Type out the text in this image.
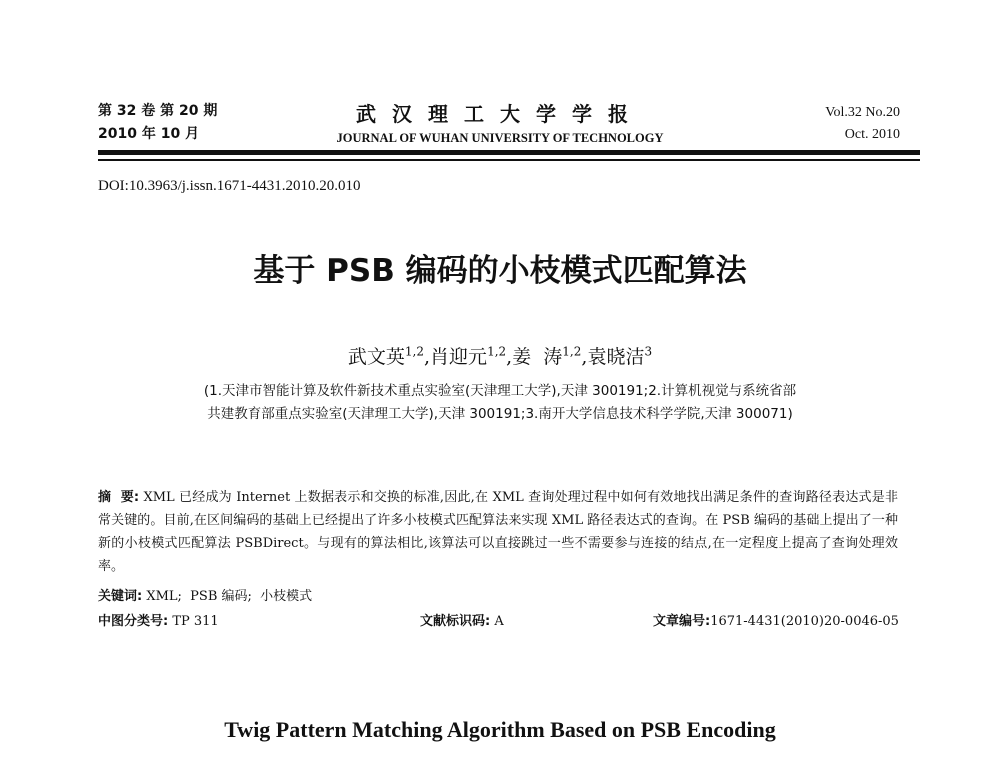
第 32 卷 第 20 期
2010 年 10 月
武汉理工大学学报
JOURNAL OF WUHAN UNIVERSITY OF TECHNOLOGY
Vol.32 No.20
Oct. 2010
DOI:10.3963/j.issn.1671-4431.2010.20.010
基于 PSB 编码的小枝模式匹配算法
武文英$^{1,2}$,肖迎元$^{1,2}$,姜  涛$^{1,2}$,袁晓洁$^3$
(1.天津市智能计算及软件新技术重点实验室(天津理工大学),天津 300191;2.计算机视觉与系统省部
共建教育部重点实验室(天津理工大学),天津 300191;3.南开大学信息技术科学学院,天津 300071)
摘  要: XML 已经成为 Internet 上数据表示和交换的标准,因此,在 XML 查询处理过程中如何有效地找出满足条件的查询路径表达式是非常关键的。目前,在区间编码的基础上已经提出了许多小枝模式匹配算法来实现 XML 路径表达式的查询。在 PSB 编码的基础上提出了一种新的小枝模式匹配算法 PSBDirect。与现有的算法相比,该算法可以直接跳过一些不需要参与连接的结点,在一定程度上提高了查询处理效率。
关键词: XML;  PSB 编码;  小枝模式
中图分类号: TP 311	文献标识码: A	文章编号:1671-4431(2010)20-0046-05
Twig Pattern Matching Algorithm Based on PSB Encoding
